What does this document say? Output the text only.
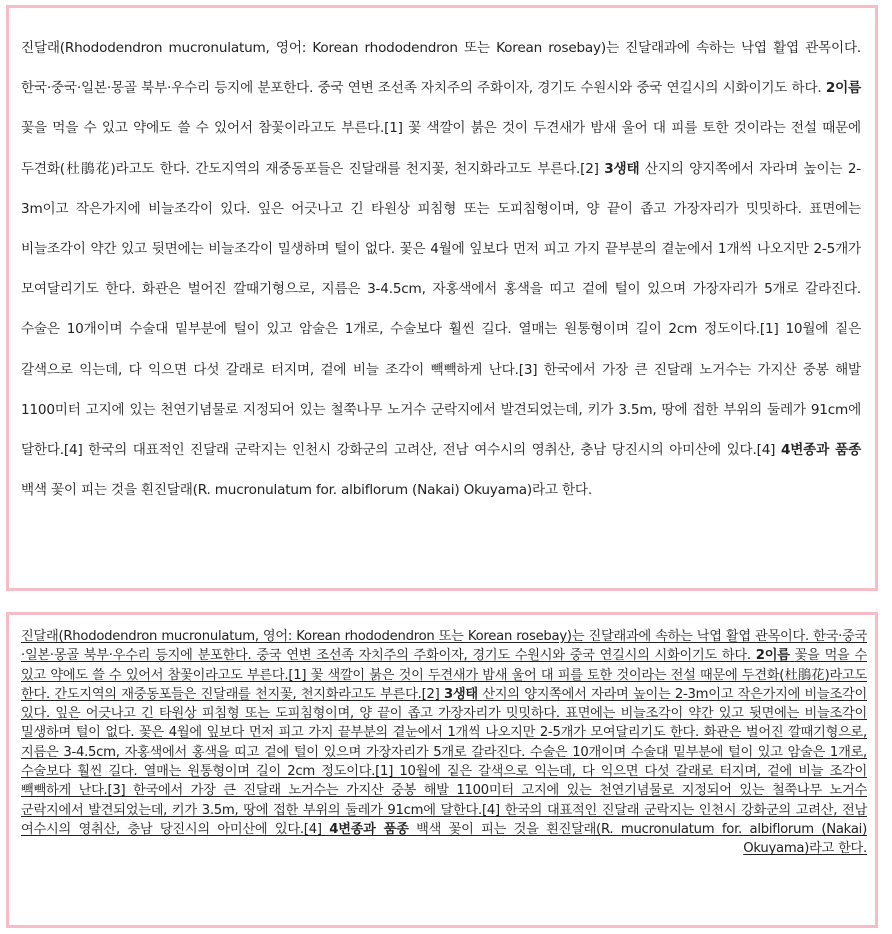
진달래(Rhododendron mucronulatum, 영어: Korean rhododendron 또는 Korean rosebay)는 진달래과에 속하는 낙엽 활엽 관목이다. 한국·중국·일본·몽골 북부·우수리 등지에 분포한다. 중국 연변 조선족 자치주의 주화이자, 경기도 수원시와 중국 연길시의 시화이기도 하다. 2이름 꽃을 먹을 수 있고 약에도 쓸 수 있어서 참꽃이라고도 부른다.[1] 꽃 색깔이 붉은 것이 두견새가 밤새 울어 대 피를 토한 것이라는 전설 때문에 두견화(杜鵑花)라고도 한다. 간도지역의 재중동포들은 진달래를 천지꽃, 천지화라고도 부른다.[2] 3생태 산지의 양지쪽에서 자라며 높이는 2-3m이고 작은가지에 비늘조각이 있다. 잎은 어긋나고 긴 타원상 피침형 또는 도피침형이며, 양 끝이 좁고 가장자리가 밋밋하다. 표면에는 비늘조각이 약간 있고 뒷면에는 비늘조각이 밀생하며 털이 없다. 꽃은 4월에 잎보다 먼저 피고 가지 끝부분의 곁눈에서 1개씩 나오지만 2-5개가 모여달리기도 한다. 화관은 벌어진 깔때기형으로, 지름은 3-4.5cm, 자홍색에서 홍색을 띠고 겉에 털이 있으며 가장자리가 5개로 갈라진다. 수술은 10개이며 수술대 밑부분에 털이 있고 암술은 1개로, 수술보다 훨씬 길다. 열매는 원통형이며 길이 2cm 정도이다.[1] 10월에 짙은 갈색으로 익는데, 다 익으면 다섯 갈래로 터지며, 겉에 비늘 조각이 빽빽하게 난다.[3] 한국에서 가장 큰 진달래 노거수는 가지산 중봉 해발 1100미터 고지에 있는 천연기념물로 지정되어 있는 철쭉나무 노거수 군락지에서 발견되었는데, 키가 3.5m, 땅에 접한 부위의 둘레가 91cm에 달한다.[4] 한국의 대표적인 진달래 군락지는 인천시 강화군의 고려산, 전남 여수시의 영취산, 충남 당진시의 아미산에 있다.[4] 4변종과 품종 백색 꽃이 피는 것을 흰진달래(R. mucronulatum for. albiflorum (Nakai) Okuyama)라고 한다.

진달래(Rhododendron mucronulatum, 영어: Korean rhododendron 또는 Korean rosebay)는 진달래과에 속하는 낙엽 활엽 관목이다. 한국·중국·일본·몽골 북부·우수리 등지에 분포한다. 중국 연변 조선족 자치주의 주화이자, 경기도 수원시와 중국 연길시의 시화이기도 하다. 2이름 꽃을 먹을 수 있고 약에도 쓸 수 있어서 참꽃이라고도 부른다.[1] 꽃 색깔이 붉은 것이 두견새가 밤새 울어 대 피를 토한 것이라는 전설 때문에 두견화(杜鵑花)라고도 한다. 간도지역의 재중동포들은 진달래를 천지꽃, 천지화라고도 부른다.[2] 3생태 산지의 양지쪽에서 자라며 높이는 2-3m이고 작은가지에 비늘조각이 있다. 잎은 어긋나고 긴 타원상 피침형 또는 도피침형이며, 양 끝이 좁고 가장자리가 밋밋하다. 표면에는 비늘조각이 약간 있고 뒷면에는 비늘조각이 밀생하며 털이 없다. 꽃은 4월에 잎보다 먼저 피고 가지 끝부분의 곁눈에서 1개씩 나오지만 2-5개가 모여달리기도 한다. 화관은 벌어진 깔때기형으로, 지름은 3-4.5cm, 자홍색에서 홍색을 띠고 겉에 털이 있으며 가장자리가 5개로 갈라진다. 수술은 10개이며 수술대 밑부분에 털이 있고 암술은 1개로, 수술보다 훨씬 길다. 열매는 원통형이며 길이 2cm 정도이다.[1] 10월에 짙은 갈색으로 익는데, 다 익으면 다섯 갈래로 터지며, 겉에 비늘 조각이 빽빽하게 난다.[3] 한국에서 가장 큰 진달래 노거수는 가지산 중봉 해발 1100미터 고지에 있는 천연기념물로 지정되어 있는 철쭉나무 노거수 군락지에서 발견되었는데, 키가 3.5m, 땅에 접한 부위의 둘레가 91cm에 달한다.[4] 한국의 대표적인 진달래 군락지는 인천시 강화군의 고려산, 전남 여수시의 영취산, 충남 당진시의 아미산에 있다.[4] 4변종과 품종 백색 꽃이 피는 것을 흰진달래(R. mucronulatum for. albiflorum (Nakai) Okuyama)라고 한다.
